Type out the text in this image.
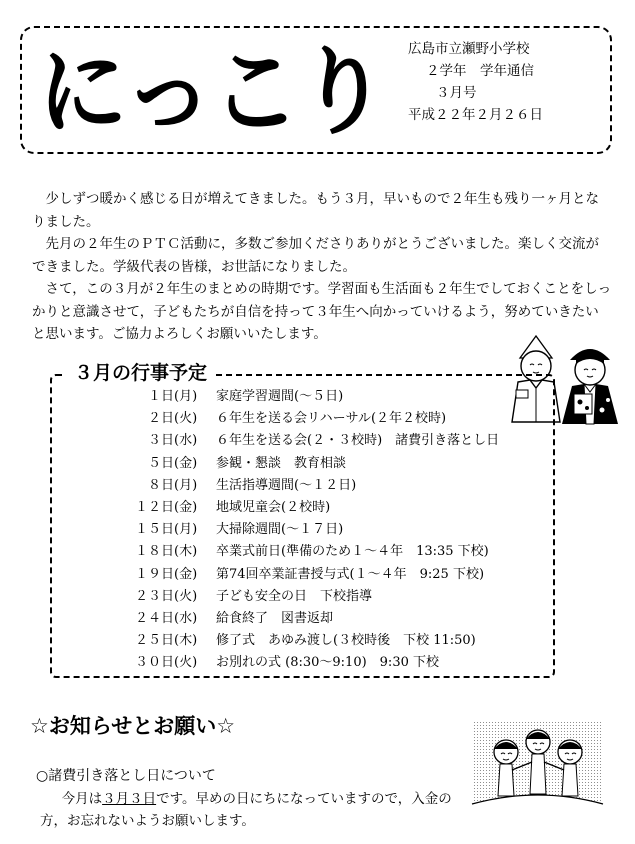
にっこり 広島市立瀬野小学校
２学年　学年通信
３月号
平成２２年２月２６日

少しずつ暖かく感じる日が増えてきました。もう３月，早いもので２年生も残り一ヶ月となりました。

先月の２年生のＰＴＣ活動に，多数ご参加くださりありがとうございました。楽しく交流ができました。学級代表の皆様，お世話になりました。

さて，この３月が２年生のまとめの時期です。学習面も生活面も２年生でしておくことをしっかりと意識させて，子どもたちが自信を持って３年生へ向かっていけるよう，努めていきたいと思います。ご協力よろしくお願いいたします。

３月の行事予定
１日(月) 家庭学習週間(～５日)
２日(火) ６年生を送る会リハーサル(２年２校時)
３日(水) ６年生を送る会(２・３校時)　諸費引き落とし日
５日(金) 参観・懇談　教育相談
８日(月) 生活指導週間(～１２日)
１２日(金) 地域児童会(２校時)
１５日(月) 大掃除週間(～１７日)
１８日(木) 卒業式前日(準備のため１～４年　13:35 下校)
１９日(金) 第74回卒業証書授与式(１～４年　9:25 下校)
２３日(火) 子ども安全の日　下校指導
２４日(水) 給食終了　図書返却
２５日(木) 修了式　あゆみ渡し(３校時後　下校 11:50)
３０日(火) お別れの式 (8:30～9:10)　9:30 下校
☆お知らせとお願い☆
○諸費引き落とし日について

今月は３月３日です。早めの日にちになっていますので，入金の方，お忘れないようお願いします。
